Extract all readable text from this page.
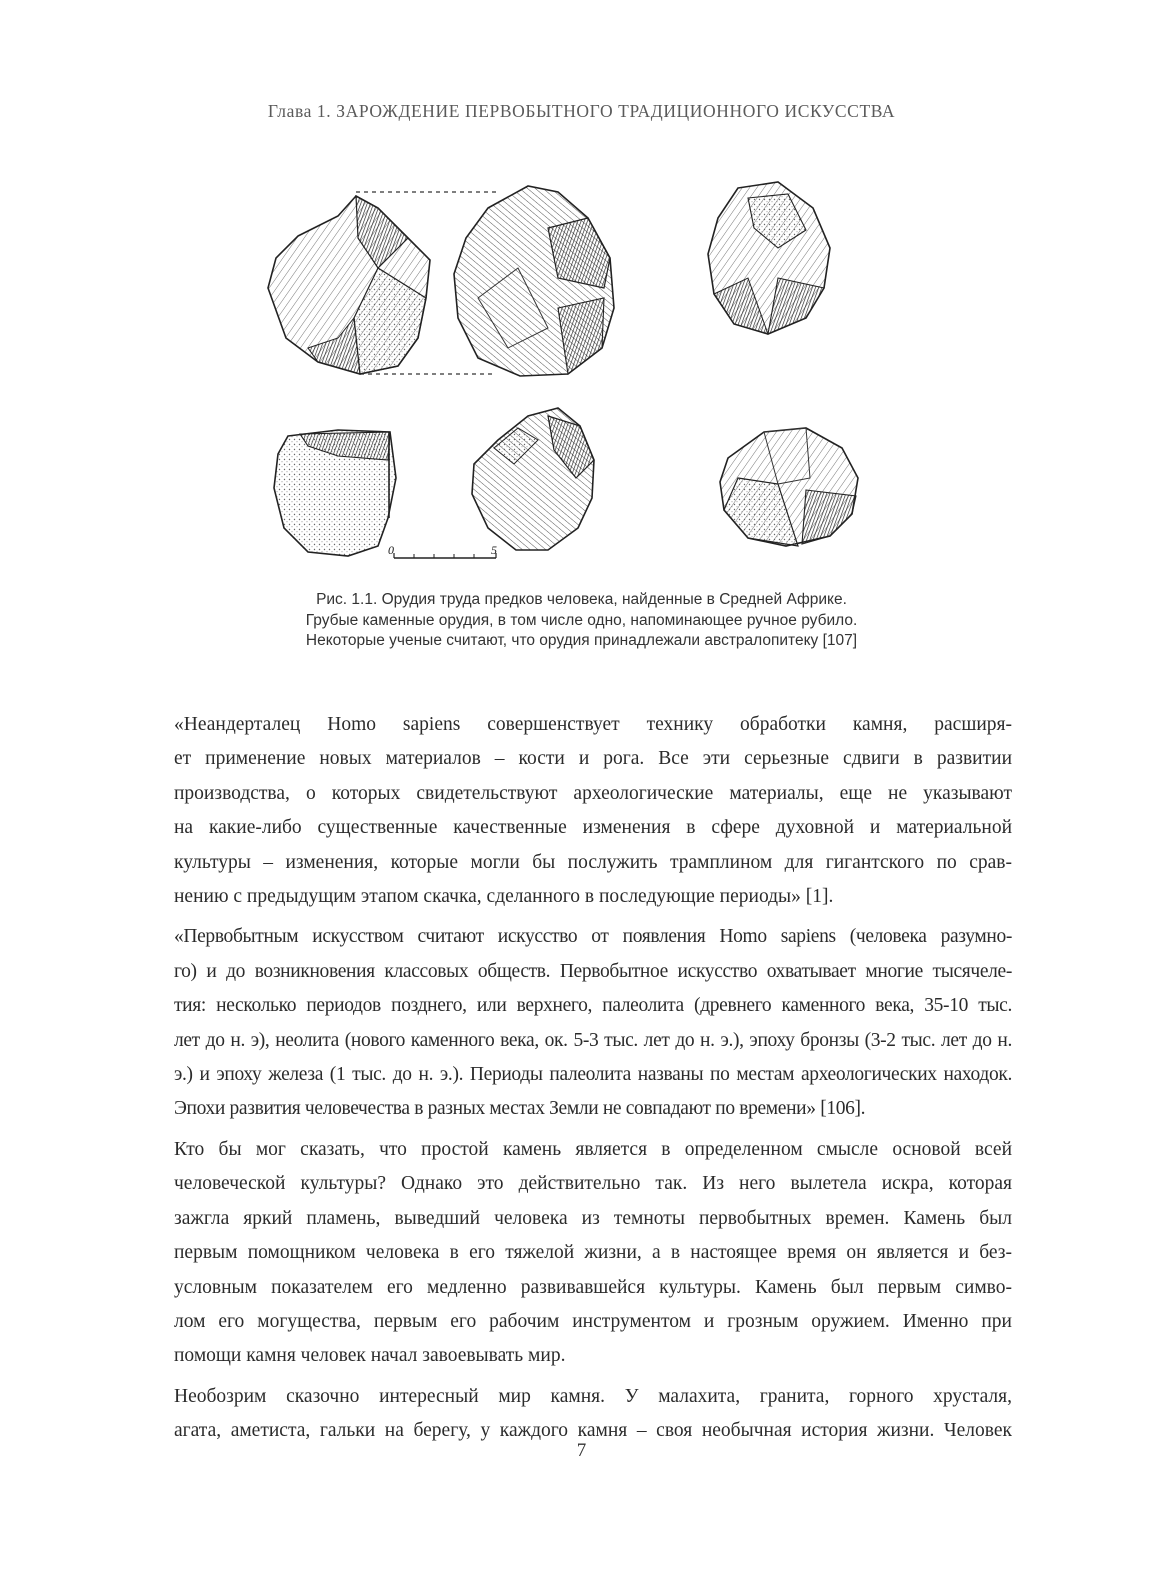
Глава 1. ЗАРОЖДЕНИЕ ПЕРВОБЫТНОГО ТРАДИЦИОННОГО ИСКУССТВА
0	5
Рис. 1.1. Орудия труда предков человека, найденные в Средней Африке.
Грубые каменные орудия, в том числе одно, напоминающее ручное рубило.
Некоторые ученые считают, что орудия принадлежали австралопитеку [107]

«Неандерталец Homo sapiens совершенствует технику обработки камня, расширя-
ет применение новых материалов – кости и рога. Все эти серьезные сдвиги в развитии
производства, о которых свидетельствуют археологические материалы, еще не указывают
на какие-либо существенные качественные изменения в сфере духовной и материальной
культуры – изменения, которые могли бы послужить трамплином для гигантского по срав-
нению с предыдущим этапом скачка, сделанного в последующие периоды» [1].

«Первобытным искусством считают искусство от появления Homo sapiens (человека разумно-
го) и до возникновения классовых обществ. Первобытное искусство охватывает многие тысячеле-
тия: несколько периодов позднего, или верхнего, палеолита (древнего каменного века, 35-10 тыс.
лет до н. э), неолита (нового каменного века, ок. 5-3 тыс. лет до н. э.), эпоху бронзы (3-2 тыс. лет до н.
э.) и эпоху железа (1 тыс. до н. э.). Периоды палеолита названы по местам археологических находок.
Эпохи развития человечества в разных местах Земли не совпадают по времени» [106].

Кто бы мог сказать, что простой камень является в определенном смысле основой всей
человеческой культуры? Однако это действительно так. Из него вылетела искра, которая
зажгла яркий пламень, выведший человека из темноты первобытных времен. Камень был
первым помощником человека в его тяжелой жизни, а в настоящее время он является и без-
условным показателем его медленно развивавшейся культуры. Камень был первым симво-
лом его могущества, первым его рабочим инструментом и грозным оружием. Именно при
помощи камня человек начал завоевывать мир.

Необозрим сказочно интересный мир камня. У малахита, гранита, горного хрусталя,
агата, аметиста, гальки на берегу, у каждого камня – своя необычная история жизни. Человек

7
